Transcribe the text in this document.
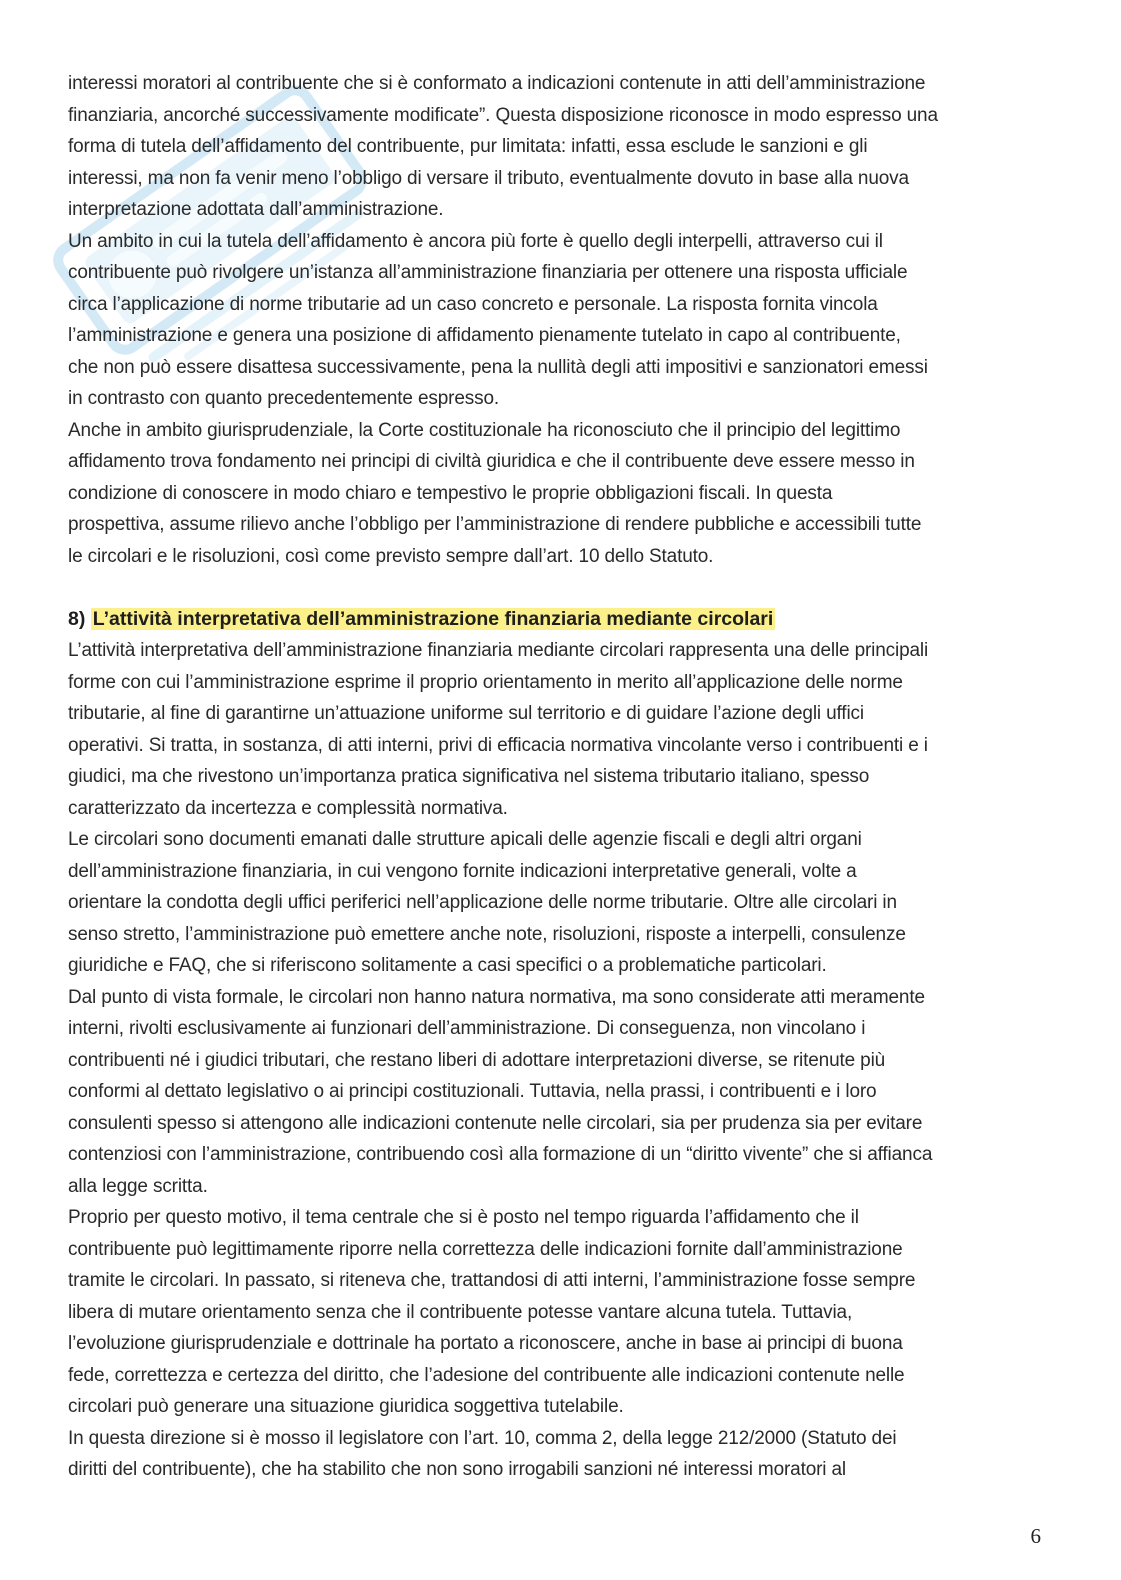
interessi moratori al contribuente che si è conformato a indicazioni contenute in atti dell’amministrazione
finanziaria, ancorché successivamente modificate”. Questa disposizione riconosce in modo espresso una
forma di tutela dell’affidamento del contribuente, pur limitata: infatti, essa esclude le sanzioni e gli
interessi, ma non fa venir meno l’obbligo di versare il tributo, eventualmente dovuto in base alla nuova
interpretazione adottata dall’amministrazione.
Un ambito in cui la tutela dell’affidamento è ancora più forte è quello degli interpelli, attraverso cui il
contribuente può rivolgere un’istanza all’amministrazione finanziaria per ottenere una risposta ufficiale
circa l’applicazione di norme tributarie ad un caso concreto e personale. La risposta fornita vincola
l’amministrazione e genera una posizione di affidamento pienamente tutelato in capo al contribuente,
che non può essere disattesa successivamente, pena la nullità degli atti impositivi e sanzionatori emessi
in contrasto con quanto precedentemente espresso.
Anche in ambito giurisprudenziale, la Corte costituzionale ha riconosciuto che il principio del legittimo
affidamento trova fondamento nei principi di civiltà giuridica e che il contribuente deve essere messo in
condizione di conoscere in modo chiaro e tempestivo le proprie obbligazioni fiscali. In questa
prospettiva, assume rilievo anche l’obbligo per l’amministrazione di rendere pubbliche e accessibili tutte
le circolari e le risoluzioni, così come previsto sempre dall’art. 10 dello Statuto.
8) L’attività interpretativa dell’amministrazione finanziaria mediante circolari
L’attività interpretativa dell’amministrazione finanziaria mediante circolari rappresenta una delle principali
forme con cui l’amministrazione esprime il proprio orientamento in merito all’applicazione delle norme
tributarie, al fine di garantirne un’attuazione uniforme sul territorio e di guidare l’azione degli uffici
operativi. Si tratta, in sostanza, di atti interni, privi di efficacia normativa vincolante verso i contribuenti e i
giudici, ma che rivestono un’importanza pratica significativa nel sistema tributario italiano, spesso
caratterizzato da incertezza e complessità normativa.
Le circolari sono documenti emanati dalle strutture apicali delle agenzie fiscali e degli altri organi
dell’amministrazione finanziaria, in cui vengono fornite indicazioni interpretative generali, volte a
orientare la condotta degli uffici periferici nell’applicazione delle norme tributarie. Oltre alle circolari in
senso stretto, l’amministrazione può emettere anche note, risoluzioni, risposte a interpelli, consulenze
giuridiche e FAQ, che si riferiscono solitamente a casi specifici o a problematiche particolari.
Dal punto di vista formale, le circolari non hanno natura normativa, ma sono considerate atti meramente
interni, rivolti esclusivamente ai funzionari dell’amministrazione. Di conseguenza, non vincolano i
contribuenti né i giudici tributari, che restano liberi di adottare interpretazioni diverse, se ritenute più
conformi al dettato legislativo o ai principi costituzionali. Tuttavia, nella prassi, i contribuenti e i loro
consulenti spesso si attengono alle indicazioni contenute nelle circolari, sia per prudenza sia per evitare
contenziosi con l’amministrazione, contribuendo così alla formazione di un “diritto vivente” che si affianca
alla legge scritta.
Proprio per questo motivo, il tema centrale che si è posto nel tempo riguarda l’affidamento che il
contribuente può legittimamente riporre nella correttezza delle indicazioni fornite dall’amministrazione
tramite le circolari. In passato, si riteneva che, trattandosi di atti interni, l’amministrazione fosse sempre
libera di mutare orientamento senza che il contribuente potesse vantare alcuna tutela. Tuttavia,
l’evoluzione giurisprudenziale e dottrinale ha portato a riconoscere, anche in base ai principi di buona
fede, correttezza e certezza del diritto, che l’adesione del contribuente alle indicazioni contenute nelle
circolari può generare una situazione giuridica soggettiva tutelabile.
In questa direzione si è mosso il legislatore con l’art. 10, comma 2, della legge 212/2000 (Statuto dei
diritti del contribuente), che ha stabilito che non sono irrogabili sanzioni né interessi moratori al
6
